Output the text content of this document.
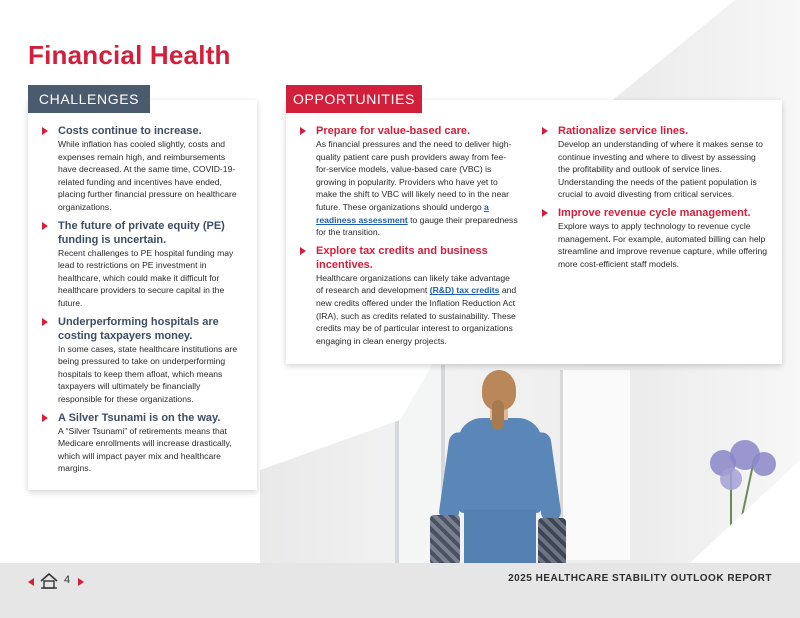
Financial Health
CHALLENGES
Costs continue to increase.
While inflation has cooled slightly, costs and expenses remain high, and reimbursements have decreased. At the same time, COVID-19-related funding and incentives have ended, placing further financial pressure on healthcare organizations.
The future of private equity (PE) funding is uncertain.
Recent challenges to PE hospital funding may lead to restrictions on PE investment in healthcare, which could make it difficult for healthcare providers to secure capital in the future.
Underperforming hospitals are costing taxpayers money.
In some cases, state healthcare institutions are being pressured to take on underperforming hospitals to keep them afloat, which means taxpayers will ultimately be financially responsible for these organizations.
A Silver Tsunami is on the way.
A “Silver Tsunami” of retirements means that Medicare enrollments will increase drastically, which will impact payer mix and healthcare margins.
OPPORTUNITIES
Prepare for value-based care.
As financial pressures and the need to deliver high-quality patient care push providers away from fee-for-service models, value-based care (VBC) is growing in popularity. Providers who have yet to make the shift to VBC will likely need to in the near future. These organizations should undergo a readiness assessment to gauge their preparedness for the transition.
Explore tax credits and business incentives.
Healthcare organizations can likely take advantage of research and development (R&D) tax credits and new credits offered under the Inflation Reduction Act (IRA), such as credits related to sustainability. These credits may be of particular interest to organizations engaging in clean energy projects.
Rationalize service lines.
Develop an understanding of where it makes sense to continue investing and where to divest by assessing the profitability and outlook of service lines. Understanding the needs of the patient population is crucial to avoid divesting from critical services.
Improve revenue cycle management.
Explore ways to apply technology to revenue cycle management. For example, automated billing can help streamline and improve revenue capture, while offering more cost-efficient staff models.
4	2025 HEALTHCARE STABILITY OUTLOOK REPORT
